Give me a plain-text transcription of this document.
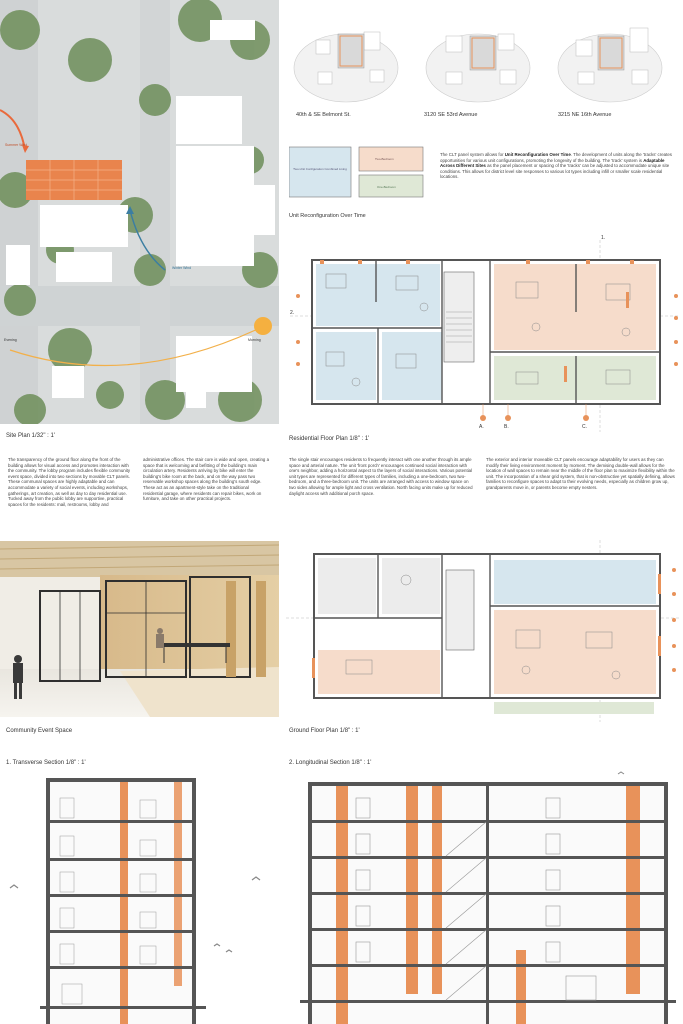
Summer Wind
Winter Wind
Evening	Morning
Site Plan 1/32" : 1'
40th & SE Belmont St.	3120 SE 53rd Avenue	3215 NE 16th Avenue
Two-Unit Configuration Combined Living
Two-Bedroom
One-Bedroom
Unit Reconfiguration Over Time
The CLT panel system allows for Unit Reconfiguration Over Time. The development of units along the 'tracks' creates opportunities for various unit configurations, promoting the longevity of the building. The 'track' system is Adaptable Across Different Sites as the panel placement or spacing of the 'tracks' can be adjusted to accommodate unique site conditions. This allows for district level site responses to various lot types including infill or smaller scale residential locations.
1.
2.
A.	B.	C.
Residential Floor Plan 1/8" : 1'
The transparency of the ground floor along the front of the building allows for visual access and promotes interaction with the community. The lobby program includes flexible community event space, divided into two sections by movable CLT panels. These communal spaces are highly adaptable and can accommodate a variety of social events, including workshops, gatherings, art creation, as well as day to day residential use. Tucked away from the public lobby are supportive, practical spaces for the residents: mail, restrooms, lobby and administrative offices. The stair core is wide and open, creating a space that is welcoming and befitting of the building's main circulation artery. Residents arriving by bike will enter the building's bike room at the back, and on the way pass two reservable workshop spaces along the building's south edge. These act as an apartment-style take on the traditional residential garage, where residents can repair bikes, work on furniture, and take on other practical projects.
The single stair encourages residents to frequently interact with one another through its ample space and arterial nature. The unit 'front porch' encourages continued social interaction with one's neighbor, adding a horizontal aspect to the layers of social interactions. Various potential unit types are represented for different types of families, including a one-bedroom, two two-bedroom, and a three-bedroom unit. The units are arranged with access to window space on two sides allowing for ample light and cross ventilation. North facing units make up for reduced daylight access with additional porch space.
The exterior and interior moveable CLT panels encourage adaptability for users as they can modify their living environment moment by moment. The demising double-wall allows for the location of wall spaces to remain near the middle of the floor plan to maximize flexibility within the unit. The incorporation of a shear grid system, that is non-obstructive yet spatially defining, allows families to reconfigure spaces to adapt to their evolving needs, especially as children grow up, grandparents move in, or parents become empty nesters.
Community Event Space	Ground Floor Plan 1/8" : 1'
1. Transverse Section 1/8" : 1'	2. Longitudinal Section 1/8" : 1'
